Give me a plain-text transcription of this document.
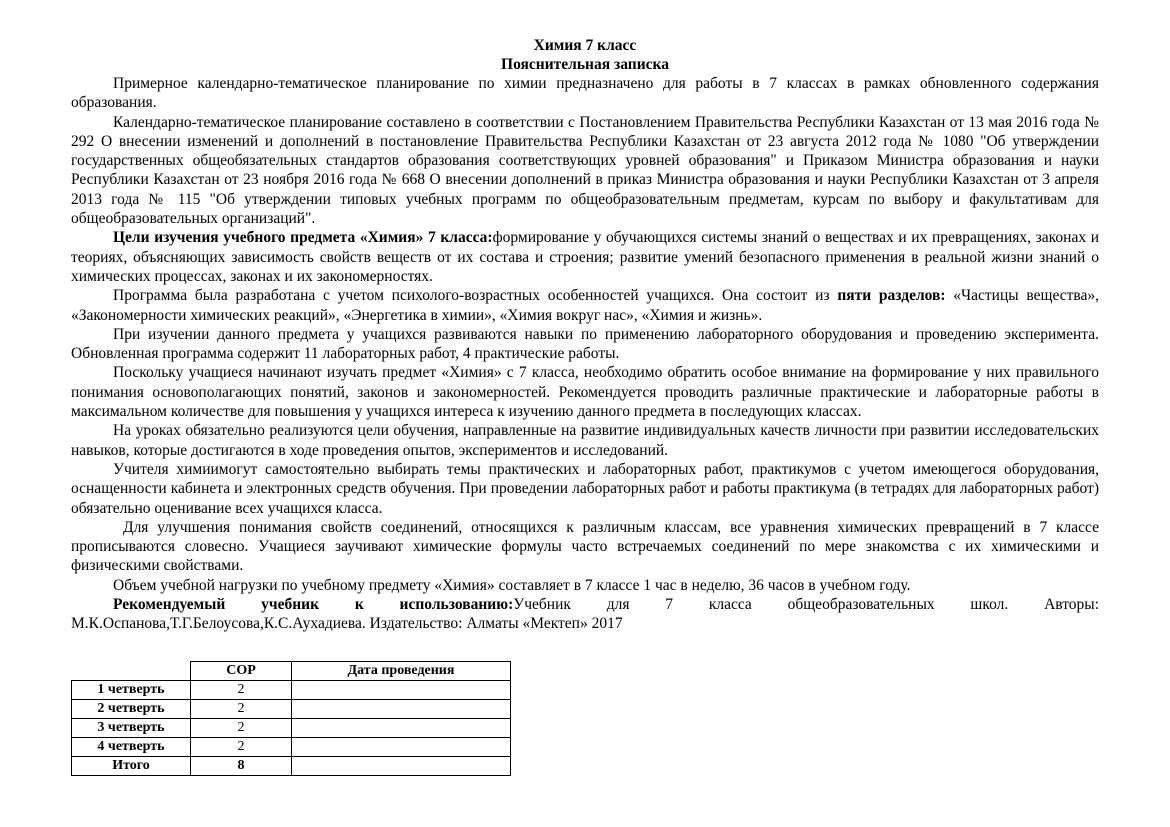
Химия 7 класс
Пояснительная записка

Примерное календарно-тематическое планирование по химии предназначено для работы в 7 классах в рамках обновленного содержания образования.

Календарно-тематическое планирование составлено в соответствии с Постановлением Правительства Республики Казахстан от 13 мая 2016 года № 292 О внесении изменений и дополнений в постановление Правительства Республики Казахстан от 23 августа 2012 года № 1080 "Об утверждении государственных общеобязательных стандартов образования соответствующих уровней образования" и Приказом Министра образования и науки Республики Казахстан от 23 ноября 2016 года № 668 О внесении дополнений в приказ Министра образования и науки Республики Казахстан от 3 апреля 2013 года № 115 "Об утверждении типовых учебных программ по общеобразовательным предметам, курсам по выбору и факультативам для общеобразовательных организаций".

Цели изучения учебного предмета «Химия» 7 класса:формирование у обучающихся системы знаний о веществах и их превращениях, законах и теориях, объясняющих зависимость свойств веществ от их состава и строения; развитие умений безопасного применения в реальной жизни знаний о химических процессах, законах и их закономерностях.

Программа была разработана с учетом психолого-возрастных особенностей учащихся. Она состоит из пяти разделов: «Частицы вещества», «Закономерности химических реакций», «Энергетика в химии», «Химия вокруг нас», «Химия и жизнь».

При изучении данного предмета у учащихся развиваются навыки по применению лабораторного оборудования и проведению эксперимента. Обновленная программа содержит 11 лабораторных работ, 4 практические работы.

Поскольку учащиеся начинают изучать предмет «Химия» с 7 класса, необходимо обратить особое внимание на формирование у них правильного понимания основополагающих понятий, законов и закономерностей. Рекомендуется проводить различные практические и лабораторные работы в максимальном количестве для повышения у учащихся интереса к изучению данного предмета в последующих классах.

На уроках обязательно реализуются цели обучения, направленные на развитие индивидуальных качеств личности при развитии исследовательских навыков, которые достигаются в ходе проведения опытов, экспериментов и исследований.

Учителя химиимогут самостоятельно выбирать темы практических и лабораторных работ, практикумов с учетом имеющегося оборудования, оснащенности кабинета и электронных средств обучения. При проведении лабораторных работ и работы практикума (в тетрадях для лабораторных работ) обязательно оценивание всех учащихся класса.

Для улучшения понимания свойств соединений, относящихся к различным классам, все уравнения химических превращений в 7 классе прописываются словесно. Учащиеся заучивают химические формулы часто встречаемых соединений по мере знакомства с их химическими и физическими свойствами.

Объем учебной нагрузки по учебному предмету «Химия» составляет в 7 классе 1 час в неделю, 36 часов в учебном году.

Рекомендуемый учебник к использованию:Учебник для 7 класса общеобразовательных школ. Авторы: М.К.Оспанова,Т.Г.Белоусова,К.С.Аухадиева. Издательство: Алматы «Мектеп» 2017

	СОР	Дата проведения
1 четверть	2	
2 четверть	2	
3 четверть	2	
4 четверть	2	
Итого	8	
